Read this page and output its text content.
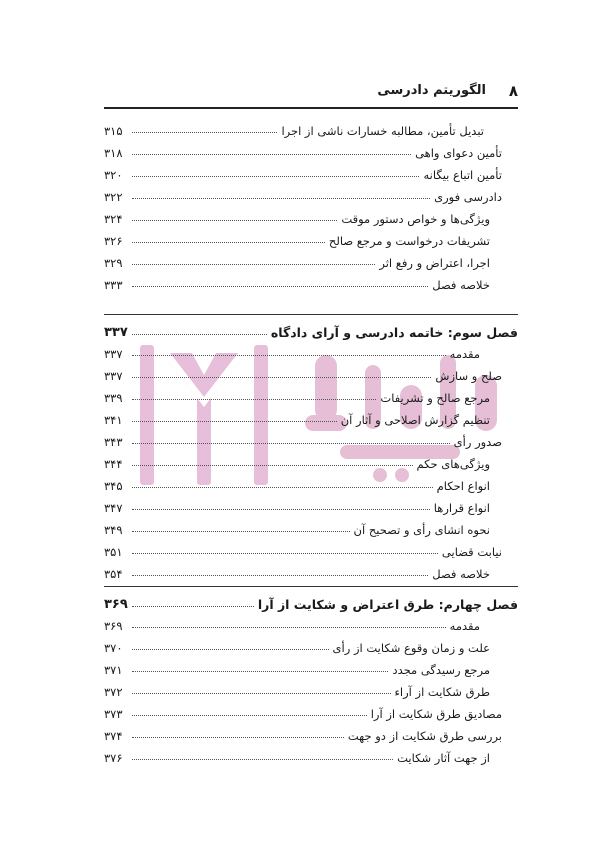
۸
الگوریتم دادرسی
تبدیل تأمین، مطالبه خسارات ناشی از اجرا
۳۱۵
تأمین دعوای واهی
۳۱۸
تأمین اتباع بیگانه
۳۲۰
دادرسی فوری
۳۲۲
ویژگی‌ها و خواص دستور موقت
۳۲۴
تشریفات درخواست و مرجع صالح
۳۲۶
اجرا، اعتراض و رفع اثر
۳۲۹
خلاصه فصل
۳۳۳
فصل سوم: خاتمه دادرسی و آرای دادگاه
۳۳۷
مقدمه
۳۳۷
صلح و سازش
۳۳۷
مرجع صالح و تشریفات
۳۳۹
تنظیم گزارش اصلاحی و آثار آن
۳۴۱
صدور رأی
۳۴۳
ویژگی‌های حکم
۳۴۴
انواع احکام
۳۴۵
انواع قرارها
۳۴۷
نحوه انشای رأی و تصحیح آن
۳۴۹
نیابت قضایی
۳۵۱
خلاصه فصل
۳۵۴
فصل چهارم: طرق اعتراض و شکایت از آرا
۳۶۹
مقدمه
۳۶۹
علت و زمان وقوع شکایت از رأی
۳۷۰
مرجع رسیدگی مجدد
۳۷۱
طرق شکایت از آراء
۳۷۲
مصادیق طرق شکایت از آرا
۳۷۳
بررسی طرق شکایت از دو جهت
۳۷۴
از جهت آثار شکایت
۳۷۶
